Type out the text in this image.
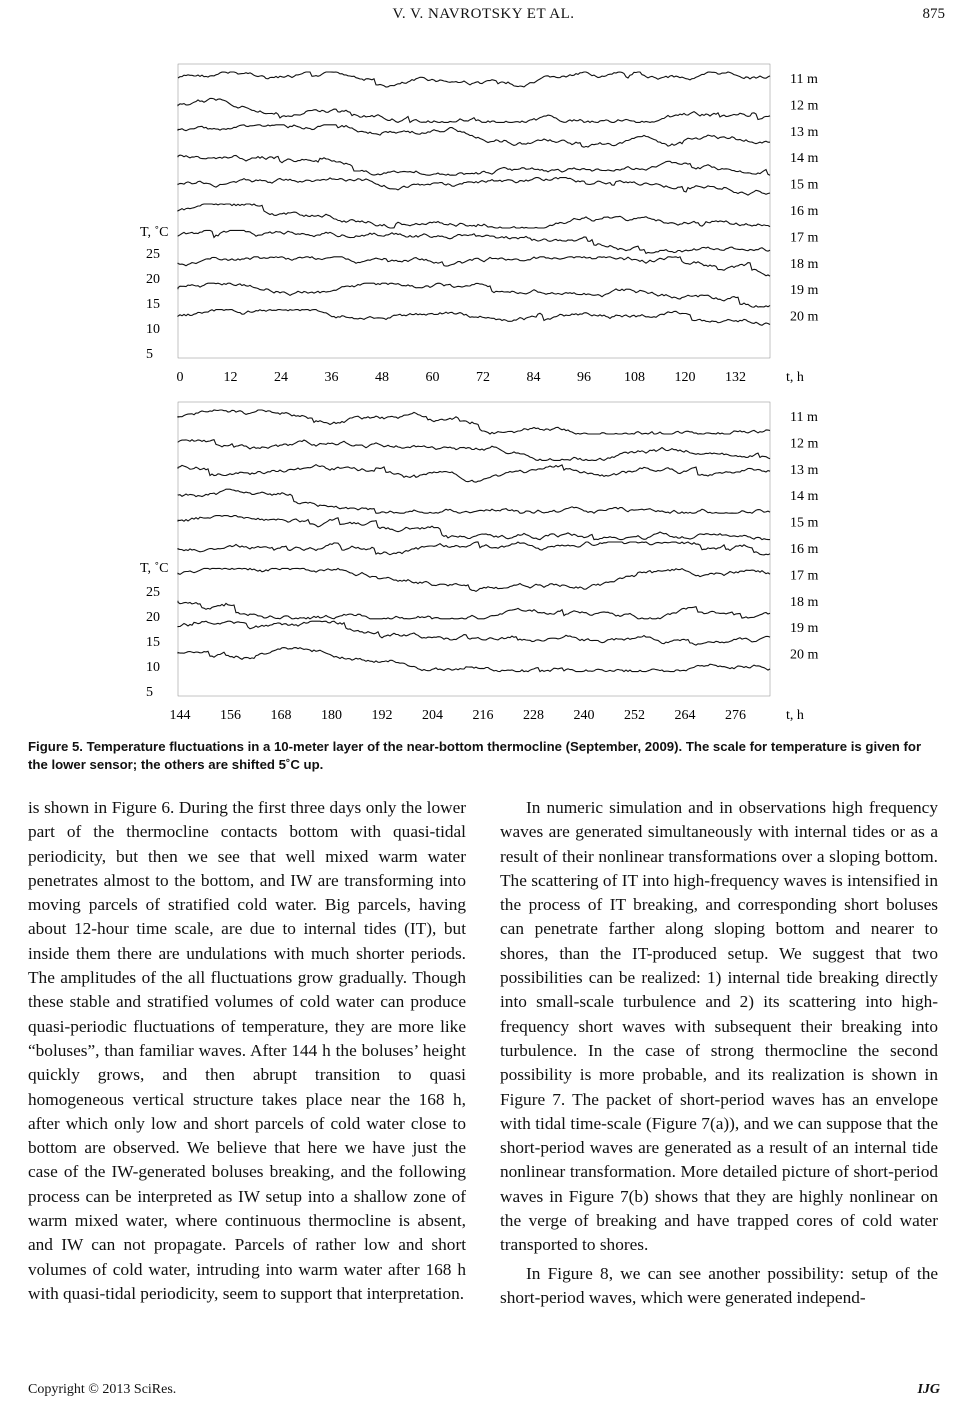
V. V. NAVROTSKY ET AL.	875
11 m
12 m
13 m
14 m
15 m
16 m
17 m
18 m
19 m
20 m
T, ˚C
25
20
15
10
5
0	12	24	36	48	60	72	84	96 108 120 132	t, h
11 m
12 m
13 m
14 m
15 m
16 m
17 m
18 m
19 m
20 m
T, ˚C
25
20
15
10
5
144 156 168 180 192 204 216 228 240 252 264 276	t, h
Figure 5. Temperature fluctuations in a 10-meter layer of the near-bottom thermocline (September, 2009). The scale for temperature is given for the lower sensor; the others are shifted 5˚C up.

is shown in Figure 6. During the first three days only the lower part of the thermocline contacts bottom with quasi-tidal periodicity, but then we see that well mixed warm water penetrates almost to the bottom, and IW are transforming into moving parcels of stratified cold water. Big parcels, having about 12-hour time scale, are due to internal tides (IT), but inside them there are undulations with much shorter periods. The amplitudes of the all fluctuations grow gradually. Though these stable and stratified volumes of cold water can produce quasi-periodic fluctuations of temperature, they are more like “boluses”, than familiar waves. After 144 h the boluses’ height quickly grows, and then abrupt transition to quasi homogeneous vertical structure takes place near the 168 h, after which only low and short parcels of cold water close to bottom are observed. We believe that here we have just the case of the IW-generated boluses breaking, and the following process can be interpreted as IW setup into a shallow zone of warm mixed water, where continuous thermocline is absent, and IW can not propagate. Parcels of rather low and short volumes of cold water, intruding into warm water after 168 h with quasi-tidal periodicity, seem to support that interpretation.

In numeric simulation and in observations high frequency waves are generated simultaneously with internal tides or as a result of their nonlinear transformations over a sloping bottom. The scattering of IT into high-frequency waves is intensified in the process of IT breaking, and corresponding short boluses can penetrate farther along sloping bottom and nearer to shores, than the IT-produced setup. We suggest that two possibilities can be realized: 1) internal tide breaking directly into small-scale turbulence and 2) its scattering into high-frequency short waves with subsequent their breaking into turbulence. In the case of strong thermocline the second possibility is more probable, and its realization is shown in Figure 7. The packet of short-period waves has an envelope with tidal time-scale (Figure 7(a)), and we can suppose that the short-period waves are generated as a result of an internal tide nonlinear transformation. More detailed picture of short-period waves in Figure 7(b) shows that they are highly nonlinear on the verge of breaking and have trapped cores of cold water transported to shores.

In Figure 8, we can see another possibility: setup of the short-period waves, which were generated independ-

Copyright © 2013 SciRes.	IJG
